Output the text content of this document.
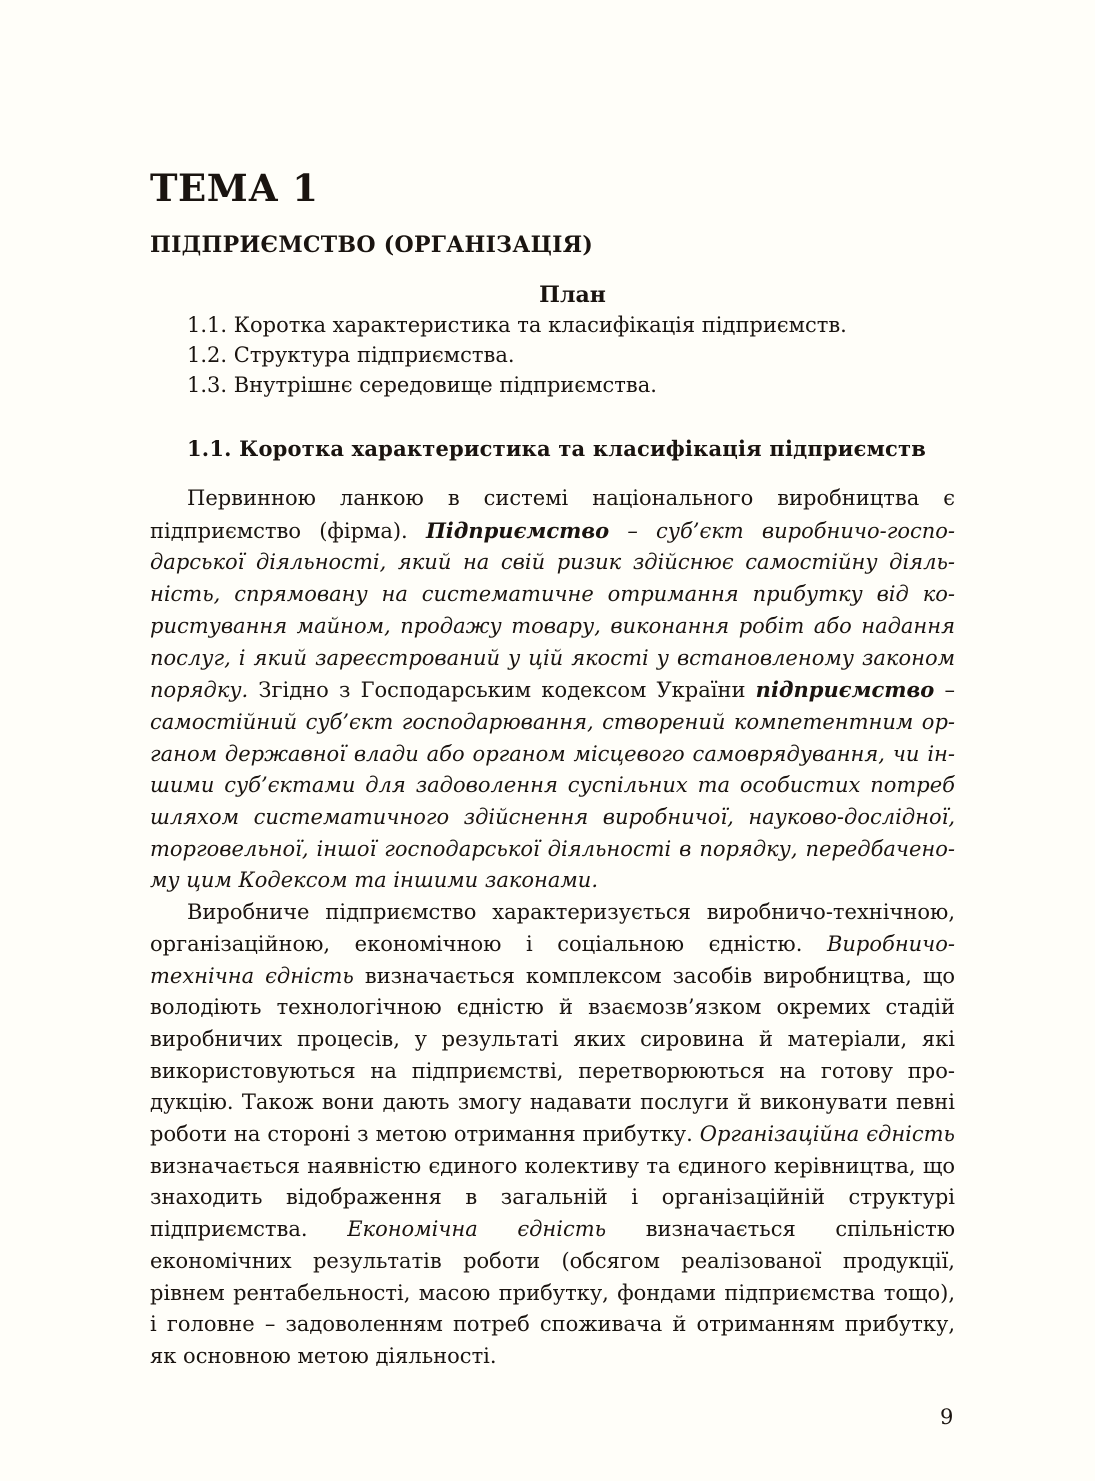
ТЕМА 1
ПІДПРИЄМСТВО (ОРГАНІЗАЦІЯ)
План
1.1. Коротка характеристика та класифікація підприємств.
1.2. Структура підприємства.
1.3. Внутрішнє середовище підприємства.
1.1. Коротка характеристика та класифікація підприємств

Первинною ланкою в системі національного виробництва є підприємство (фірма). Підприємство – суб’єкт виробничо-господарської діяльності, який на свій ризик здійснює самостійну діяльність, спрямовану на систематичне отримання прибутку від користування майном, продажу товару, виконання робіт або надання послуг, і який зареєстрований у цій якості у встановленому законом порядку. Згідно з Господарським кодексом України підприємство – самостійний суб’єкт господарювання, створений компетентним органом державної влади або органом місцевого самоврядування, чи іншими суб’єктами для задоволення суспільних та особистих потреб шляхом систематичного здійснення виробничої, науково-дослідної, торговельної, іншої господарської діяльності в порядку, передбаченому цим Кодексом та іншими законами.

Виробниче підприємство характеризується виробничо-технічною, організаційною, економічною і соціальною єдністю. Виробничо-технічна єдність визначається комплексом засобів виробництва, що володіють технологічною єдністю й взаємозв’язком окремих стадій виробничих процесів, у результаті яких сировина й матеріали, які використовуються на підприємстві, перетворюються на готову продукцію. Також вони дають змогу надавати послуги й виконувати певні роботи на стороні з метою отримання прибутку. Організаційна єдність визначається наявністю єдиного колективу та єдиного керівництва, що знаходить відображення в загальній і організаційній структурі підприємства. Економічна єдність визначається спільністю економічних результатів роботи (обсягом реалізованої продукції, рівнем рентабельності, масою прибутку, фондами підприємства тощо), і головне – задоволенням потреб споживача й отриманням прибутку, як основною метою діяльності.

9
